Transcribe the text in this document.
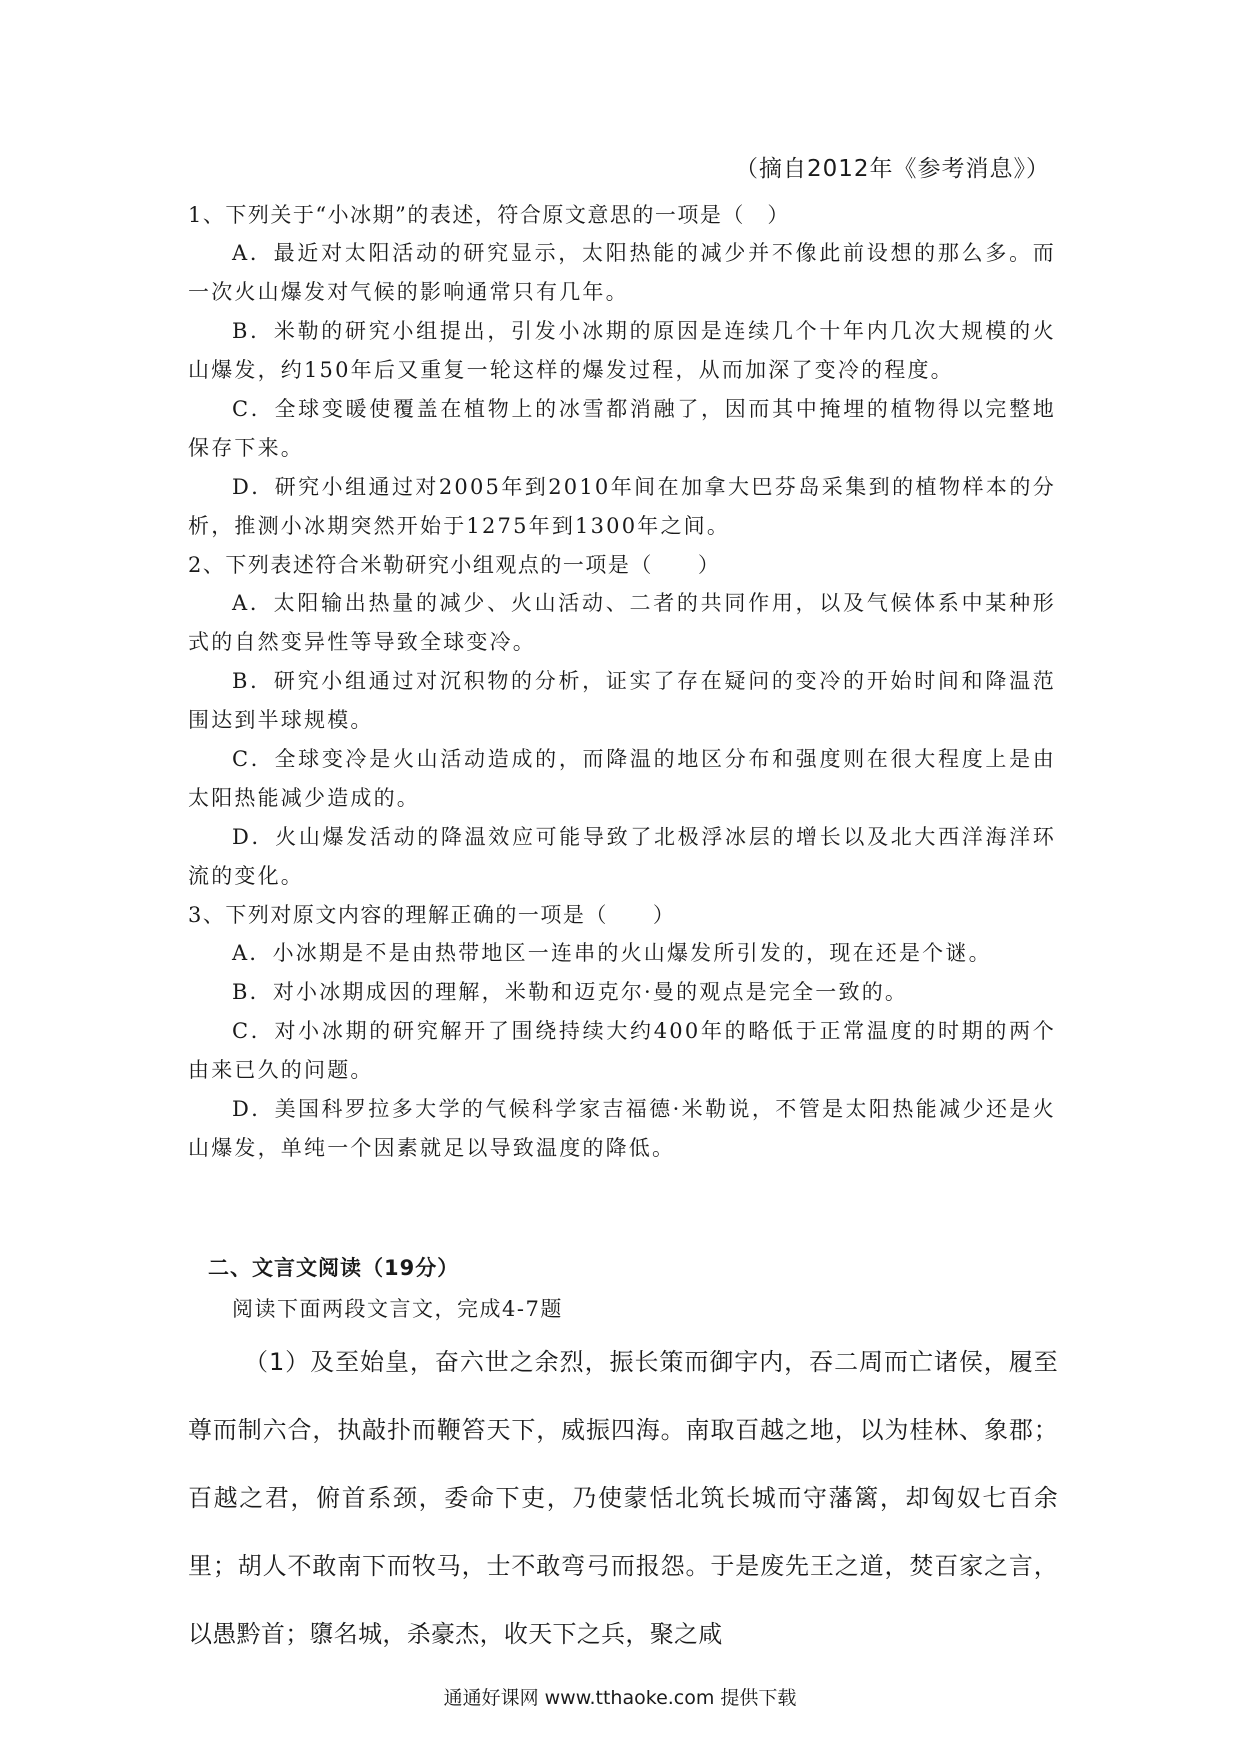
（摘自2012年《参考消息》）

1、下列关于“小冰期”的表述，符合原文意思的一项是（　）

A．最近对太阳活动的研究显示，太阳热能的减少并不像此前设想的那么多。而一次火山爆发对气候的影响通常只有几年。

B．米勒的研究小组提出，引发小冰期的原因是连续几个十年内几次大规模的火山爆发，约150年后又重复一轮这样的爆发过程，从而加深了变冷的程度。

C．全球变暖使覆盖在植物上的冰雪都消融了，因而其中掩埋的植物得以完整地保存下来。

D．研究小组通过对2005年到2010年间在加拿大巴芬岛采集到的植物样本的分析，推测小冰期突然开始于1275年到1300年之间。

2、下列表述符合米勒研究小组观点的一项是（　　）

A．太阳输出热量的减少、火山活动、二者的共同作用，以及气候体系中某种形式的自然变异性等导致全球变冷。

B．研究小组通过对沉积物的分析，证实了存在疑问的变冷的开始时间和降温范围达到半球规模。

C．全球变冷是火山活动造成的，而降温的地区分布和强度则在很大程度上是由太阳热能减少造成的。

D．火山爆发活动的降温效应可能导致了北极浮冰层的增长以及北大西洋海洋环流的变化。

3、下列对原文内容的理解正确的一项是（　　）

A．小冰期是不是由热带地区一连串的火山爆发所引发的，现在还是个谜。

B．对小冰期成因的理解，米勒和迈克尔·曼的观点是完全一致的。

C．对小冰期的研究解开了围绕持续大约400年的略低于正常温度的时期的两个由来已久的问题。

D．美国科罗拉多大学的气候科学家吉福德·米勒说，不管是太阳热能减少还是火山爆发，单纯一个因素就足以导致温度的降低。

二、文言文阅读（19分）
阅读下面两段文言文，完成4-7题

（1）及至始皇，奋六世之余烈，振长策而御宇内，吞二周而亡诸侯，履至尊而制六合，执敲扑而鞭笞天下，威振四海。南取百越之地，以为桂林、象郡；百越之君，俯首系颈，委命下吏，乃使蒙恬北筑长城而守藩篱，却匈奴七百余里；胡人不敢南下而牧马，士不敢弯弓而报怨。于是废先王之道，焚百家之言，以愚黔首；隳名城，杀豪杰，收天下之兵，聚之咸

通通好课网 www.tthaoke.com 提供下载
